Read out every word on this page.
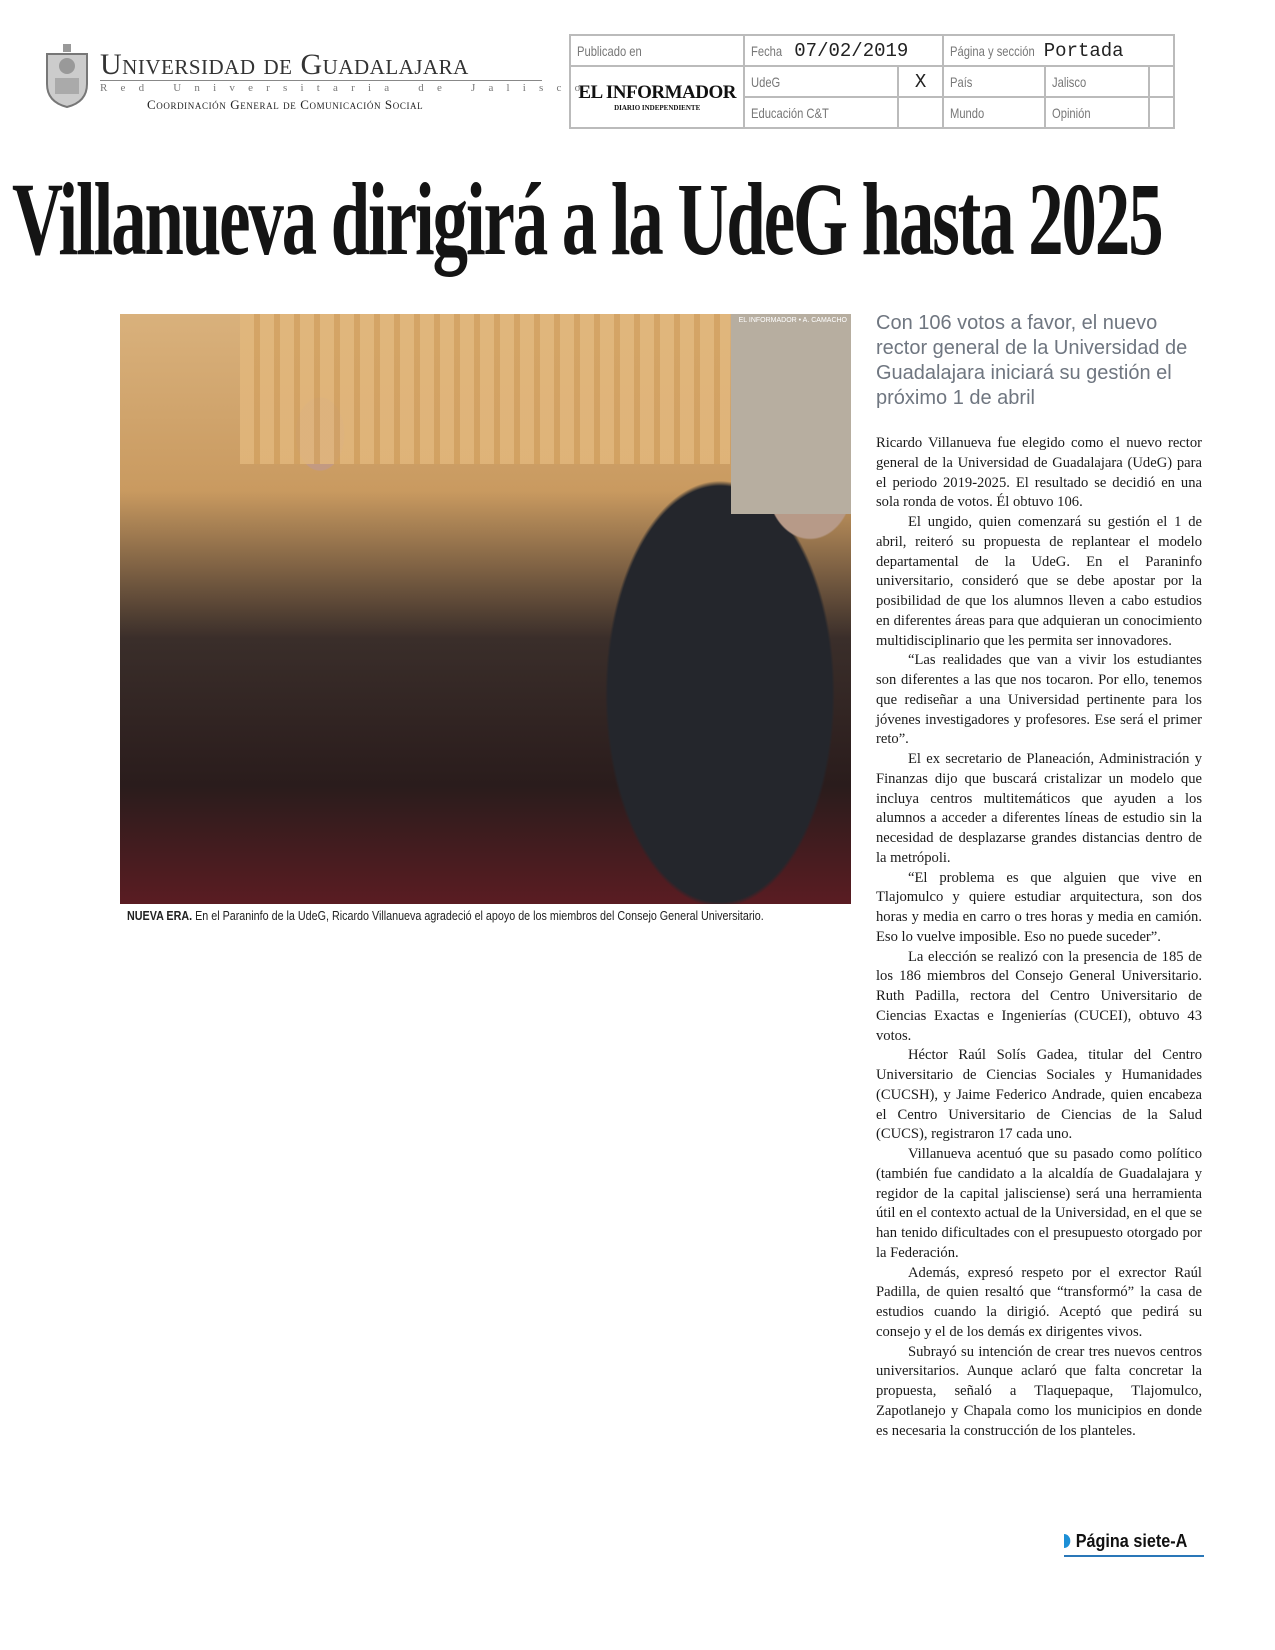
Universidad de Guadalajara
Red Universitaria de Jalisco
Coordinación General de Comunicación Social
Publicado en	Fecha 07/02/2019		Página y sección Portada		

EL INFORMADOR
DIARIO INDEPENDIENTE	UdeG	X	País	Jalisco	
	Educación C&T		Mundo	Opinión	
Villanueva dirigirá a la UdeG hasta 2025
EL INFORMADOR • A. CAMACHO
NUEVA ERA. En el Paraninfo de la UdeG, Ricardo Villanueva agradeció el apoyo de los miembros del Consejo General Universitario.
Con 106 votos a favor, el nuevo rector general de la Universidad de Guadalajara iniciará su gestión el próximo 1 de abril

Ricardo Villanueva fue elegido como el nuevo rector general de la Universidad de Guadalajara (UdeG) para el periodo 2019-2025. El resultado se decidió en una sola ronda de votos. Él obtuvo 106.

El ungido, quien comenzará su gestión el 1 de abril, reiteró su propuesta de replantear el modelo departamental de la UdeG. En el Paraninfo universitario, consideró que se debe apostar por la posibilidad de que los alumnos lleven a cabo estudios en diferentes áreas para que adquieran un conocimiento multidisciplinario que les permita ser innovadores.

“Las realidades que van a vivir los estudiantes son diferentes a las que nos tocaron. Por ello, tenemos que rediseñar a una Universidad pertinente para los jóvenes investigadores y profesores. Ese será el primer reto”.

El ex secretario de Planeación, Administración y Finanzas dijo que buscará cristalizar un modelo que incluya centros multitemáticos que ayuden a los alumnos a acceder a diferentes líneas de estudio sin la necesidad de desplazarse grandes distancias dentro de la metrópoli.

“El problema es que alguien que vive en Tlajomulco y quiere estudiar arquitectura, son dos horas y media en carro o tres horas y media en camión. Eso lo vuelve imposible. Eso no puede suceder”.

La elección se realizó con la presencia de 185 de los 186 miembros del Consejo General Universitario. Ruth Padilla, rectora del Centro Universitario de Ciencias Exactas e Ingenierías (CUCEI), obtuvo 43 votos.

Héctor Raúl Solís Gadea, titular del Centro Universitario de Ciencias Sociales y Humanidades (CUCSH), y Jaime Federico Andrade, quien encabeza el Centro Universitario de Ciencias de la Salud (CUCS), registraron 17 cada uno.

Villanueva acentuó que su pasado como político (también fue candidato a la alcaldía de Guadalajara y regidor de la capital jalisciense) será una herramienta útil en el contexto actual de la Universidad, en el que se han tenido dificultades con el presupuesto otorgado por la Federación.

Además, expresó respeto por el exrector Raúl Padilla, de quien resaltó que “transformó” la casa de estudios cuando la dirigió. Aceptó que pedirá su consejo y el de los demás ex dirigentes vivos.

Subrayó su intención de crear tres nuevos centros universitarios. Aunque aclaró que falta concretar la propuesta, señaló a Tlaquepaque, Tlajomulco, Zapotlanejo y Chapala como los municipios en donde es necesaria la construcción de los planteles.

Página siete-A
